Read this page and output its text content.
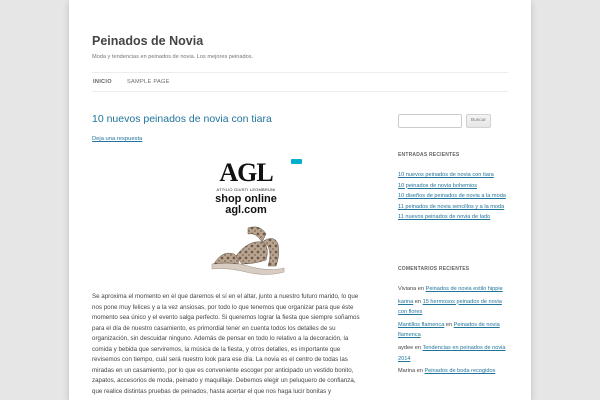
Peinados de Novia
Moda y tendencias en peinados de novia. Los mejores peinados.
INICIO	SAMPLE PAGE
10 nuevos peinados de novia con tiara
Deja una respuesta
AGL
ATTILIO GIUSTI LEOMBRUNI
shop online
agl.com
Se aproxima el momento en el que daremos el sí en el altar, junto a nuestro futuro marido, lo que nos pone muy felices y a la vez ansiosas, por todo lo que tenemos que organizar para que éste momento sea único y el evento salga perfecto. Si queremos lograr la fiesta que siempre soñamos para el día de nuestro casamiento, es primordial tener en cuenta todos los detalles de su organización, sin descuidar ninguno. Además de pensar en todo lo relativo a la decoración, la comida y bebida que serviremos, la música de la fiesta, y otros detalles, es importante que revisemos con tiempo, cuál será nuestro look para ese día. La novia es el centro de todas las miradas en un casamiento, por lo que es conveniente escoger por anticipado un vestido bonito, zapatos, accesorios de moda, peinado y maquillaje. Debemos elegir un peluquero de confianza, que realice distintas pruebas de peinados, hasta acertar el que nos haga lucir bonitas y
Buscar
ENTRADAS RECIENTES
10 nuevos peinados de novia con tiara
10 peinados de novia bohemios
10 diseños de peinados de novia a la moda
11 peinados de novia sencillos y a la moda
11 nuevos peinados de novia de lado
COMENTARIOS RECIENTES
Viviana en Peinados de novia estilo hippie
karina en 15 hermosos peinados de novia con flores
Mantillos flamenca en Peinados de novia flamenca
aydee en Tendencias en peinados de novia 2014
Marina en Peinados de boda recogidos
